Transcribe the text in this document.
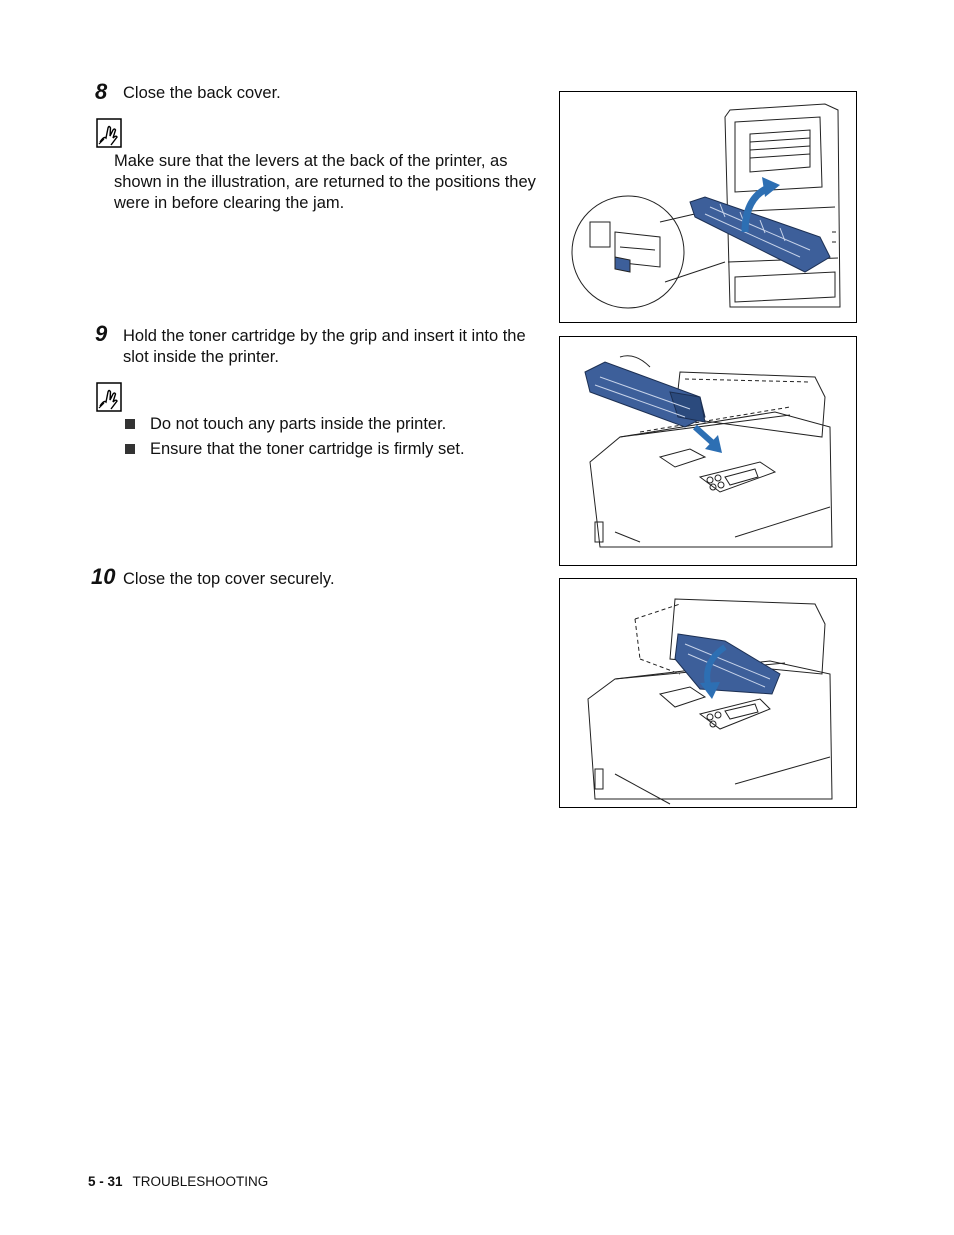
8 Close the back cover.
Make sure that the levers at the back of the printer, as shown in the illustration, are returned to the positions they were in before clearing the jam.
9 Hold the toner cartridge by the grip and insert it into the slot inside the printer.
Do not touch any parts inside the printer.
Ensure that the toner cartridge is firmly set.
10 Close the top cover securely.
5 - 31 TROUBLESHOOTING
